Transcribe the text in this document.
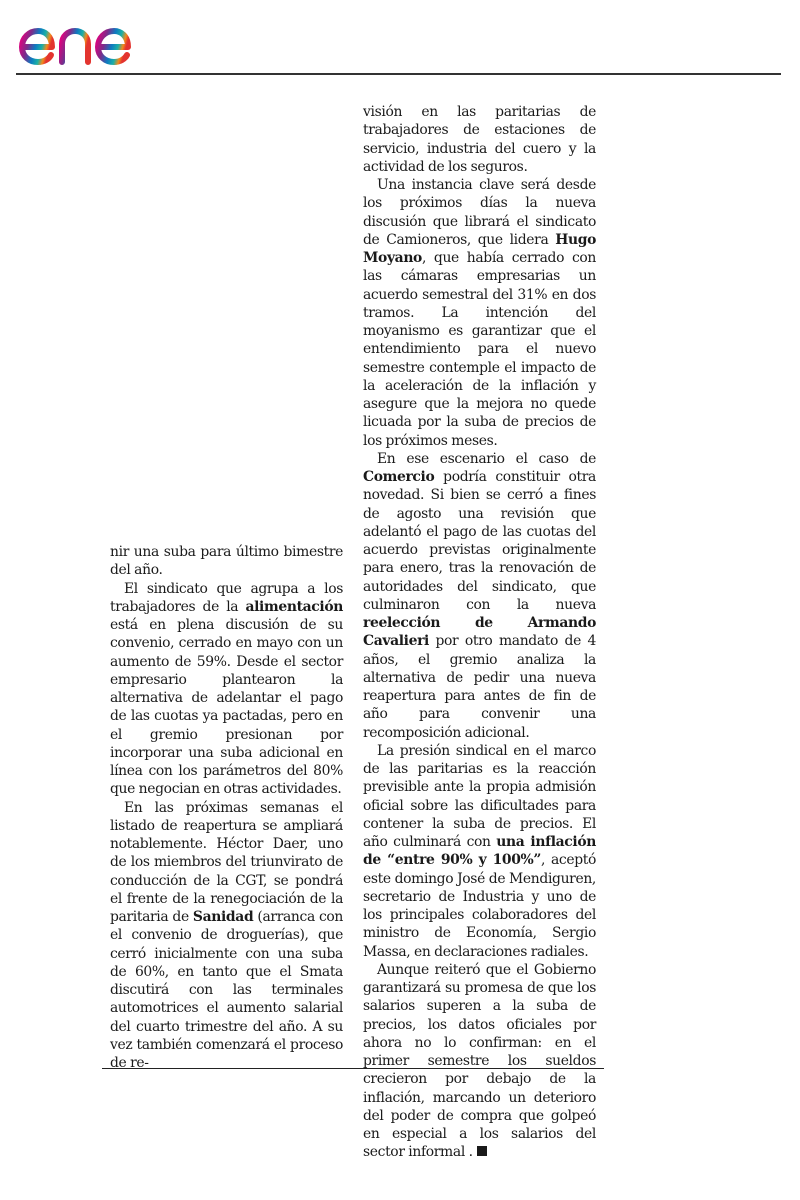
nir una suba para último bimestre del año.

El sindicato que agrupa a los trabajadores de la alimentación está en plena discusión de su convenio, cerrado en mayo con un aumento de 59%. Desde el sector empresario plantearon la alternativa de adelantar el pago de las cuotas ya pactadas, pero en el gremio presionan por incorporar una suba adicional en línea con los parámetros del 80% que negocian en otras actividades.

En las próximas semanas el listado de reapertura se ampliará notablemente. Héctor Daer, uno de los miembros del triunvirato de conducción de la CGT, se pondrá el frente de la renegociación de la paritaria de Sanidad (arranca con el convenio de droguerías), que cerró inicialmente con una suba de 60%, en tanto que el Smata discutirá con las terminales automotrices el aumento salarial del cuarto trimestre del año. A su vez también comenzará el proceso de re-

visión en las paritarias de trabajadores de estaciones de servicio, industria del cuero y la actividad de los seguros.

Una instancia clave será desde los próximos días la nueva discusión que librará el sindicato de Camioneros, que lidera Hugo Moyano, que había cerrado con las cámaras empresarias un acuerdo semestral del 31% en dos tramos. La intención del moyanismo es garantizar que el entendimiento para el nuevo semestre contemple el impacto de la aceleración de la inflación y asegure que la mejora no quede licuada por la suba de precios de los próximos meses.

En ese escenario el caso de Comercio podría constituir otra novedad. Si bien se cerró a fines de agosto una revisión que adelantó el pago de las cuotas del acuerdo previstas originalmente para enero, tras la renovación de autoridades del sindicato, que culminaron con la nueva reelección de Armando Cavalieri por otro mandato de 4 años, el gremio analiza la alternativa de pedir una nueva reapertura para antes de fin de año para convenir una recomposición adicional.

La presión sindical en el marco de las paritarias es la reacción previsible ante la propia admisión oficial sobre las dificultades para contener la suba de precios. El año culminará con una inflación de “entre 90% y 100%”, aceptó este domingo José de Mendiguren, secretario de Industria y uno de los principales colaboradores del ministro de Economía, Sergio Massa, en declaraciones radiales.

Aunque reiteró que el Gobierno garantizará su promesa de que los salarios superen a la suba de precios, los datos oficiales por ahora no lo confirman: en el primer semestre los sueldos crecieron por debajo de la inflación, marcando un deterioro del poder de compra que golpeó en especial a los salarios del sector informal .
